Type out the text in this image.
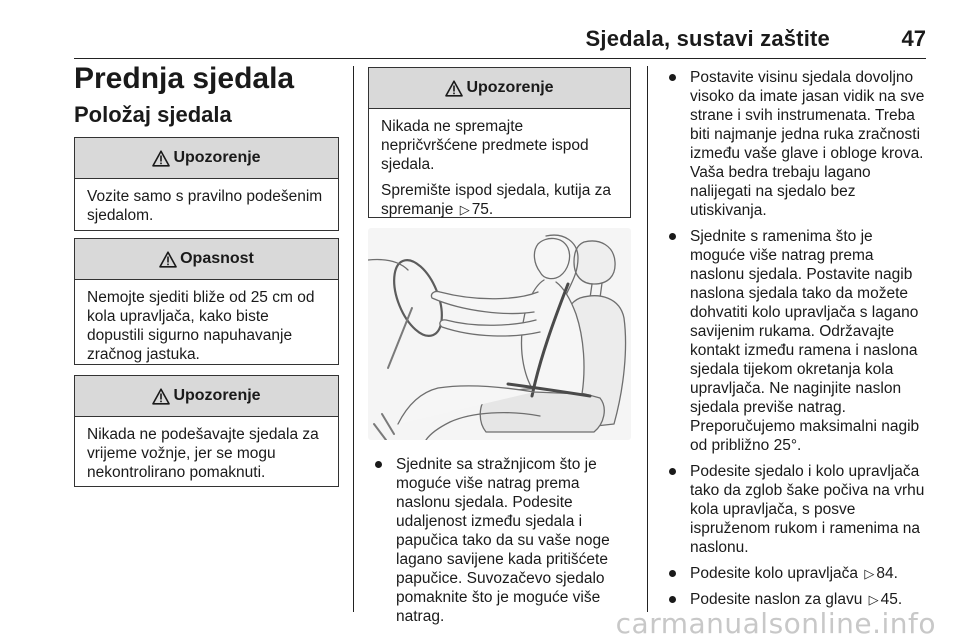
Sjedala, sustavi zaštite	47
Prednja sjedala
Položaj sjedala
Upozorenje

Vozite samo s pravilno podešenim sjedalom.

Opasnost

Nemojte sjediti bliže od 25 cm od kola upravljača, kako biste dopustili sigurno napuhavanje zračnog jastuka.

Upozorenje

Nikada ne podešavajte sjedala za vrijeme vožnje, jer se mogu nekontrolirano pomaknuti.

Upozorenje

Nikada ne spremajte nepričvršćene predmete ispod sjedala.

Spremište ispod sjedala, kutija za spremanje ▷ 75.

Sjednite sa stražnjicom što je moguće više natrag prema naslonu sjedala. Podesite udaljenost između sjedala i papučica tako da su vaše noge lagano savijene kada pritišćete papučice. Suvozačevo sjedalo pomaknite što je moguće više natrag.
Postavite visinu sjedala dovoljno visoko da imate jasan vidik na sve strane i svih instrumenata. Treba biti najmanje jedna ruka zračnosti između vaše glave i obloge krova. Vaša bedra trebaju lagano nalijegati na sjedalo bez utiskivanja.
Sjednite s ramenima što je moguće više natrag prema naslonu sjedala. Postavite nagib naslona sjedala tako da možete dohvatiti kolo upravljača s lagano savijenim rukama. Održavajte kontakt između ramena i naslona sjedala tijekom okretanja kola upravljača. Ne naginjite naslon sjedala previše natrag. Preporučujemo maksimalni nagib od približno 25°.
Podesite sjedalo i kolo upravljača tako da zglob šake počiva na vrhu kola upravljača, s posve ispruženom rukom i ramenima na naslonu.
Podesite kolo upravljača ▷ 84.
Podesite naslon za glavu ▷ 45.
carmanualsonline.info
